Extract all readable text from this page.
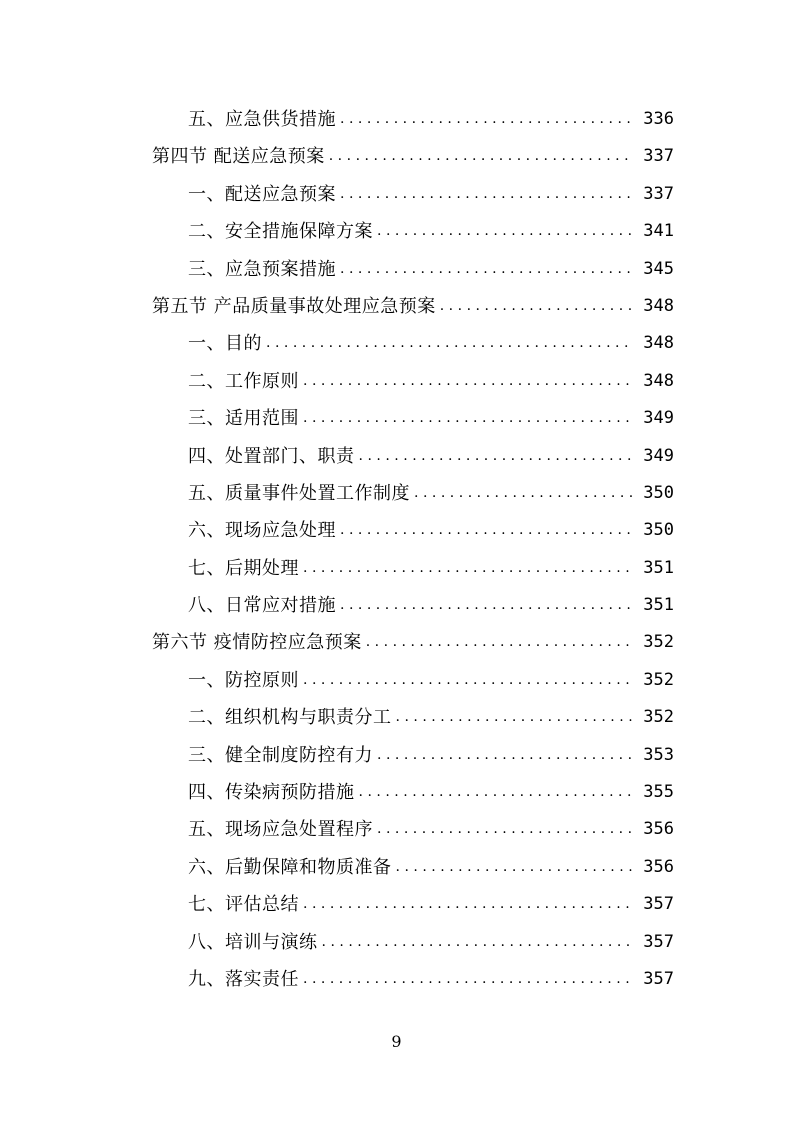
五、应急供货措施 .....	336
第四节 配送应急预案 .....	337
一、配送应急预案 .....	337
二、安全措施保障方案 .....	341
三、应急预案措施 .....	345
第五节 产品质量事故处理应急预案 .....	348
一、目的 .....	348
二、工作原则 .....	348
三、适用范围 .....	349
四、处置部门、职责 .....	349
五、质量事件处置工作制度 .....	350
六、现场应急处理 .....	350
七、后期处理 .....	351
八、日常应对措施 .....	351
第六节 疫情防控应急预案 .....	352
一、防控原则 .....	352
二、组织机构与职责分工 .....	352
三、健全制度防控有力 .....	353
四、传染病预防措施 .....	355
五、现场应急处置程序 .....	356
六、后勤保障和物质准备 .....	356
七、评估总结 .....	357
八、培训与演练 .....	357
九、落实责任 .....	357
9
